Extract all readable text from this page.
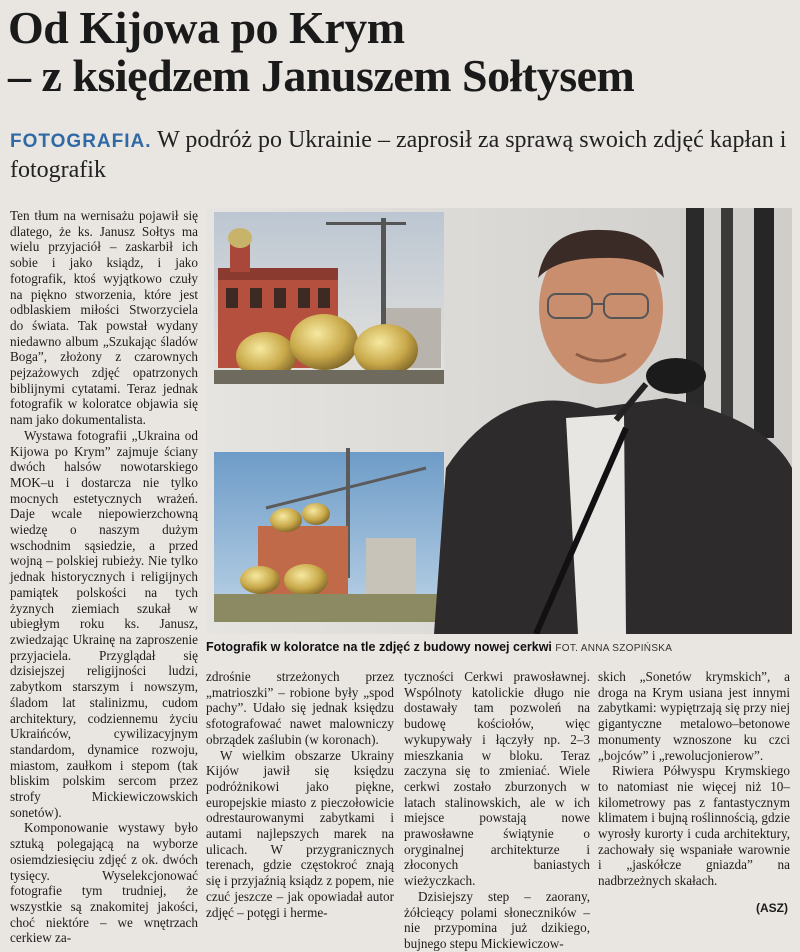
Od Kijowa po Krym
– z księdzem Januszem Sołtysem
FOTOGRAFIA. W podróż po Ukrainie – zaprosił za sprawą swoich zdjęć kapłan i fotografik

Ten tłum na wernisażu pojawił się dlatego, że ks. Janusz Sołtys ma wielu przyjaciół – zaskarbił ich sobie i jako ksiądz, i jako fotografik, ktoś wyjątkowo czuły na piękno stworzenia, które jest odblaskiem miłości Stworzyciela do świata. Tak powstał wydany niedawno album „Szukając śladów Boga”, złożony z czarownych pejzażowych zdjęć opatrzonych biblijnymi cytatami. Teraz jednak fotografik w koloratce objawia się nam jako dokumentalista.

Wystawa fotografii „Ukraina od Kijowa po Krym” zajmuje ściany dwóch halsów nowotarskiego MOK–u i dostarcza nie tylko mocnych estetycznych wrażeń. Daje wcale niepowierzchowną wiedzę o naszym dużym wschodnim sąsiedzie, a przed wojną – polskiej rubieży. Nie tylko jednak historycznych i religijnych pamiątek polskości na tych żyznych ziemiach szukał w ubiegłym roku ks. Janusz, zwiedzając Ukrainę na zaproszenie przyjaciela. Przyglądał się dzisiejszej religijności ludzi, zabytkom starszym i nowszym, śladom lat stalinizmu, cudom architektury, codziennemu życiu Ukraińców, cywilizacyjnym standardom, dynamice rozwoju, miastom, zaułkom i stepom (tak bliskim polskim sercom przez strofy Mickiewiczowskich sonetów).

Komponowanie wystawy było sztuką polegającą na wyborze osiemdziesięciu zdjęć z ok. dwóch tysięcy. Wyselekcjonować fotografie tym trudniej, że wszystkie są znakomitej jakości, choć niektóre – we wnętrzach cerkiew za-

Fotografik w koloratce na tle zdjęć z budowy nowej cerkwi FOT. ANNA SZOPIŃSKA

zdrośnie strzeżonych przez „matrioszki” – robione były „spod pachy”. Udało się jednak księdzu sfotografować nawet malowniczy obrządek zaślubin (w koronach).

W wielkim obszarze Ukrainy Kijów jawił się księdzu podróżnikowi jako piękne, europejskie miasto z pieczołowicie odrestaurowanymi zabytkami i autami najlepszych marek na ulicach. W przygranicznych terenach, gdzie częstokroć znają się i przyjaźnią ksiądz z popem, nie czuć jeszcze – jak opowiadał autor zdjęć – potęgi i herme-

tyczności Cerkwi prawosławnej. Wspólnoty katolickie długo nie dostawały tam pozwoleń na budowę kościołów, więc wykupywały i łączyły np. 2–3 mieszkania w bloku. Teraz zaczyna się to zmieniać. Wiele cerkwi zostało zburzonych w latach stalinowskich, ale w ich miejsce powstają nowe prawosławne świątynie o oryginalnej architekturze i złoconych baniastych wieżyczkach.

Dzisiejszy step – zaorany, żółcieący polami słoneczników – nie przypomina już dzikiego, bujnego stepu Mickiewiczow-

skich „Sonetów krymskich”, a droga na Krym usiana jest innymi zabytkami: wypiętrzają się przy niej gigantyczne metalowo–betonowe monumenty wznoszone ku czci „bojców” i „rewolucjonierow”.

Riwiera Półwyspu Krymskiego to natomiast nie więcej niż 10–kilometrowy pas z fantastycznym klimatem i bujną roślinnością, gdzie wyrosły kurorty i cuda architektury, zachowały się wspaniałe warownie i „jaskółcze gniazda” na nadbrzeżnych skałach.

(ASZ)
